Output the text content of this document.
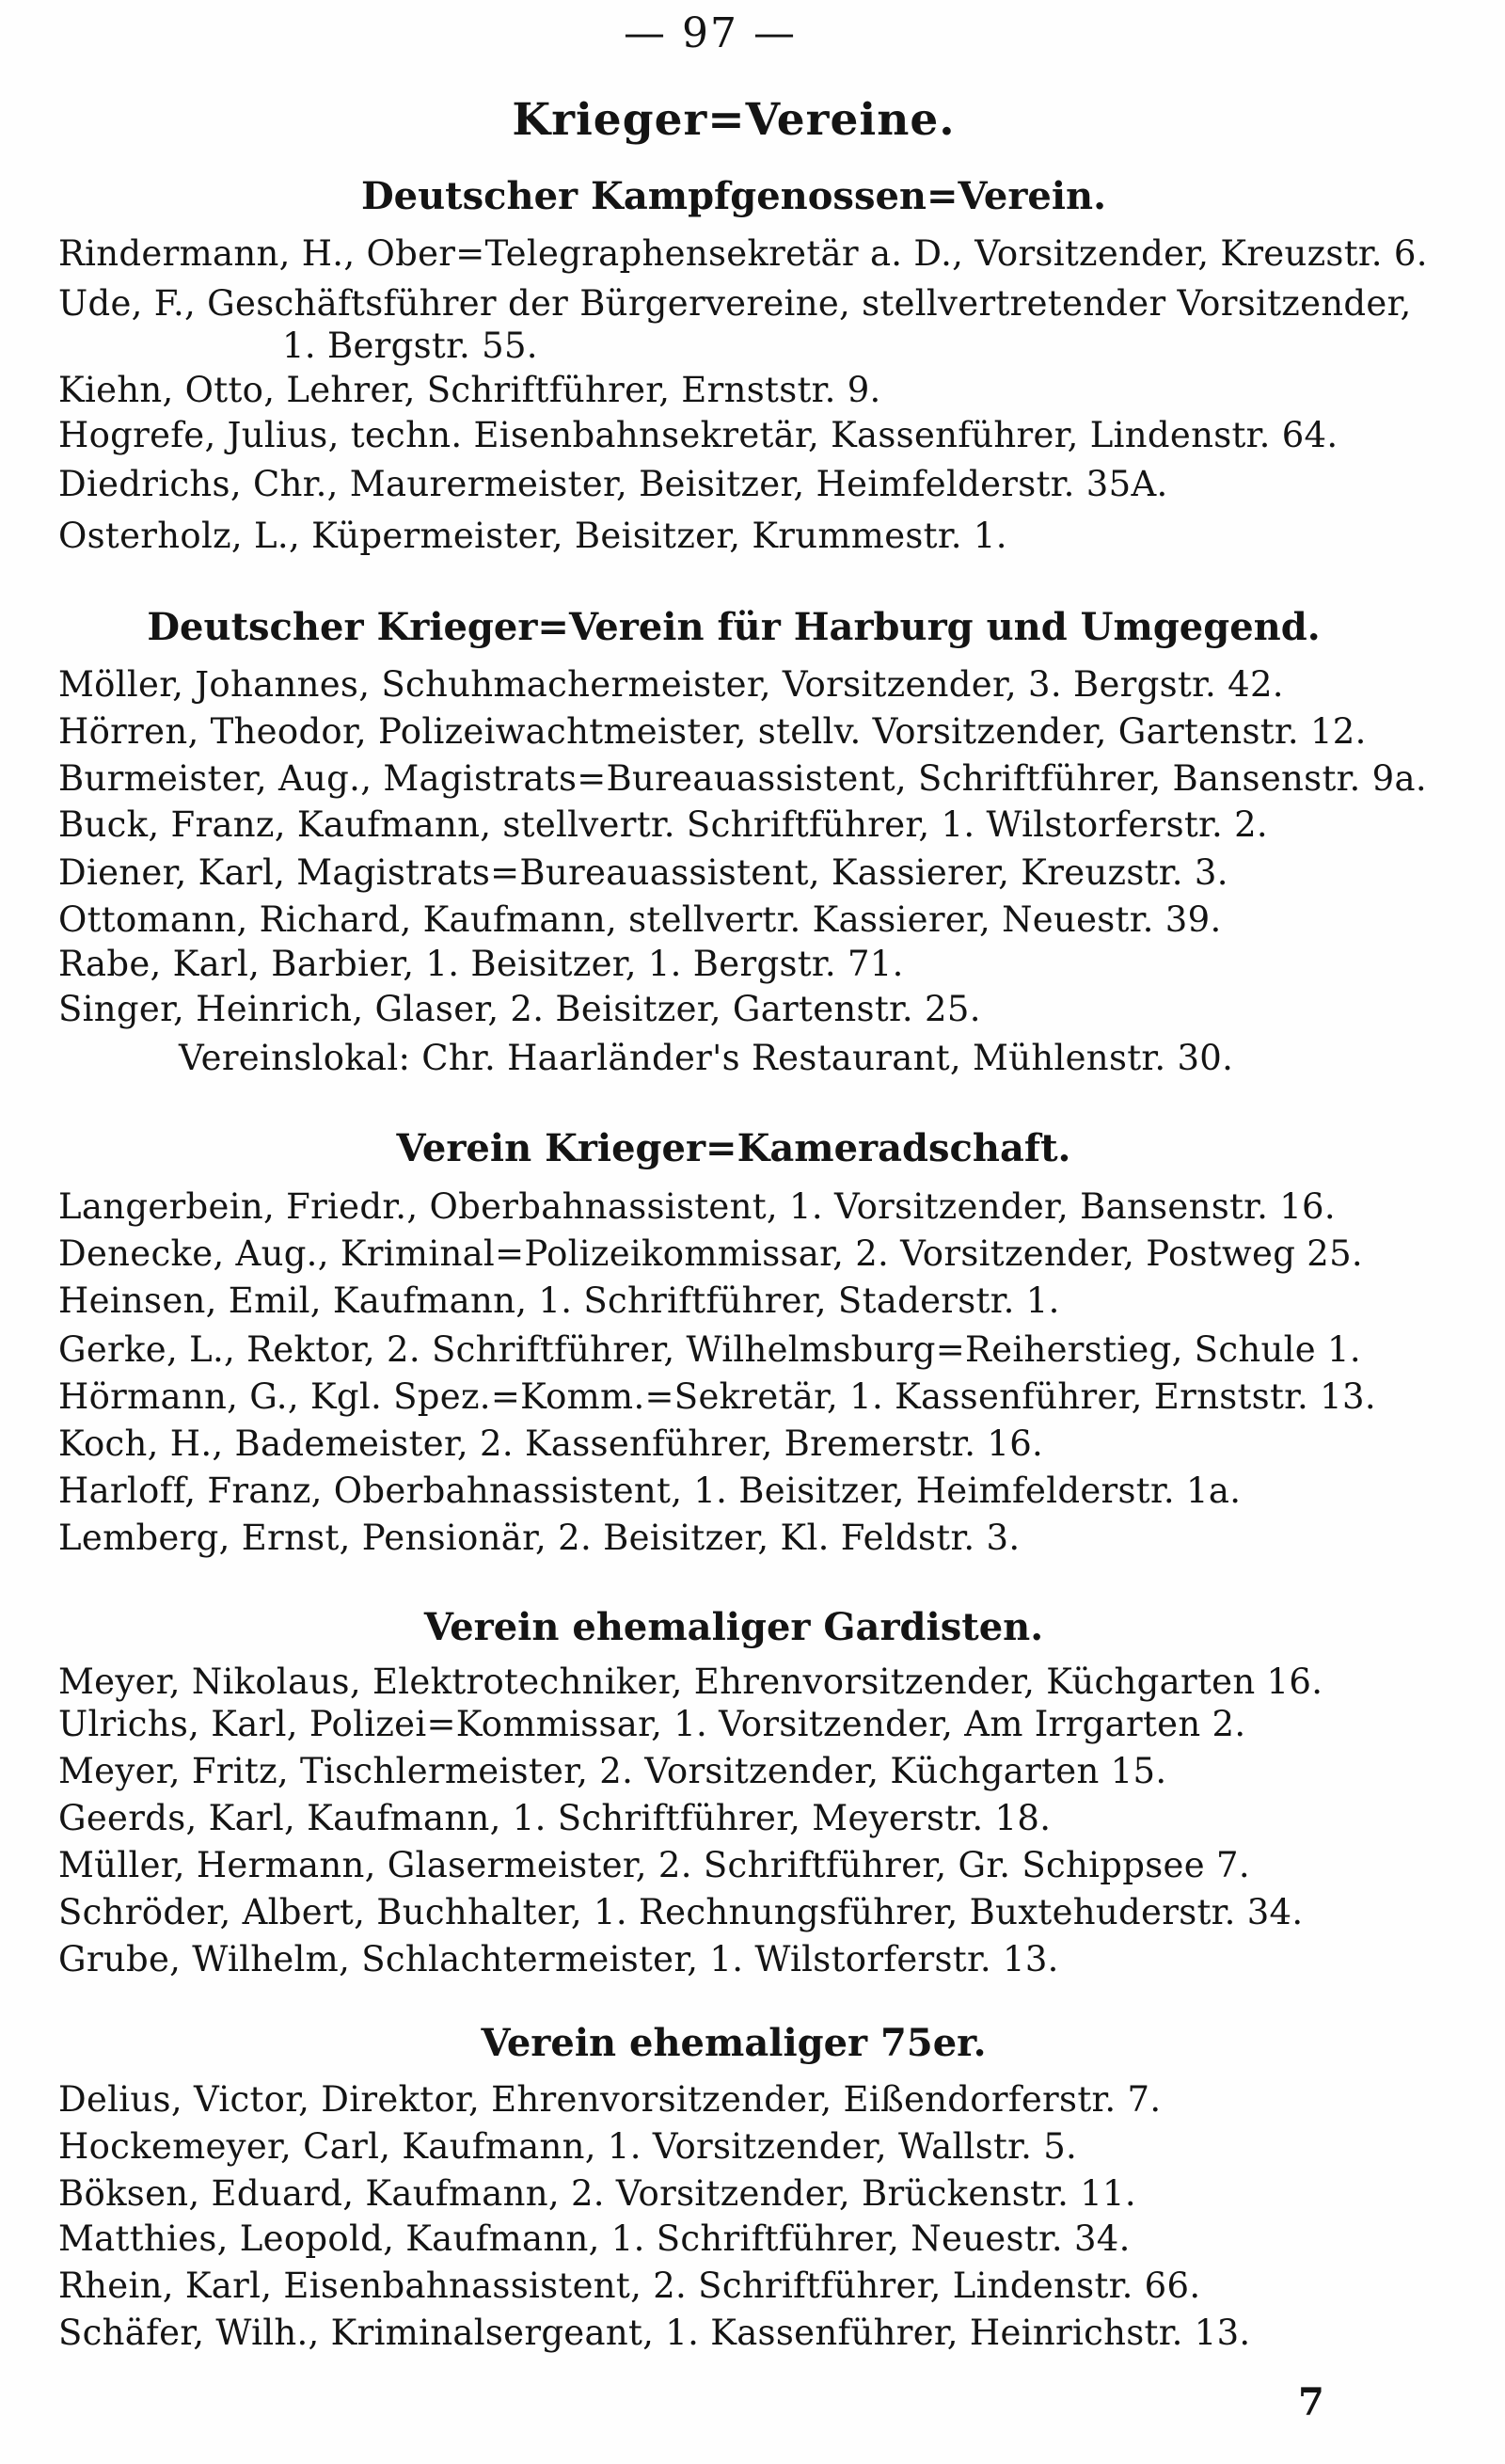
— 97 —
Krieger=Vereine.
Deutscher Kampfgenossen=Verein.
Rindermann, H., Ober=Telegraphensekretär a. D., Vorsitzender, Kreuzstr. 6.
Ude, F., Geschäftsführer der Bürgervereine, stellvertretender Vorsitzender,
1. Bergstr. 55.
Kiehn, Otto, Lehrer, Schriftführer, Ernststr. 9.
Hogrefe, Julius, techn. Eisenbahnsekretär, Kassenführer, Lindenstr. 64.
Diedrichs, Chr., Maurermeister, Beisitzer, Heimfelderstr. 35A.
Osterholz, L., Küpermeister, Beisitzer, Krummestr. 1.
Deutscher Krieger=Verein für Harburg und Umgegend.
Möller, Johannes, Schuhmachermeister, Vorsitzender, 3. Bergstr. 42.
Hörren, Theodor, Polizeiwachtmeister, stellv. Vorsitzender, Gartenstr. 12.
Burmeister, Aug., Magistrats=Bureauassistent, Schriftführer, Bansenstr. 9a.
Buck, Franz, Kaufmann, stellvertr. Schriftführer, 1. Wilstorferstr. 2.
Diener, Karl, Magistrats=Bureauassistent, Kassierer, Kreuzstr. 3.
Ottomann, Richard, Kaufmann, stellvertr. Kassierer, Neuestr. 39.
Rabe, Karl, Barbier, 1. Beisitzer, 1. Bergstr. 71.
Singer, Heinrich, Glaser, 2. Beisitzer, Gartenstr. 25.
Vereinslokal: Chr. Haarländer's Restaurant, Mühlenstr. 30.
Verein Krieger=Kameradschaft.
Langerbein, Friedr., Oberbahnassistent, 1. Vorsitzender, Bansenstr. 16.
Denecke, Aug., Kriminal=Polizeikommissar, 2. Vorsitzender, Postweg 25.
Heinsen, Emil, Kaufmann, 1. Schriftführer, Staderstr. 1.
Gerke, L., Rektor, 2. Schriftführer, Wilhelmsburg=Reiherstieg, Schule 1.
Hörmann, G., Kgl. Spez.=Komm.=Sekretär, 1. Kassenführer, Ernststr. 13.
Koch, H., Bademeister, 2. Kassenführer, Bremerstr. 16.
Harloff, Franz, Oberbahnassistent, 1. Beisitzer, Heimfelderstr. 1a.
Lemberg, Ernst, Pensionär, 2. Beisitzer, Kl. Feldstr. 3.
Verein ehemaliger Gardisten.
Meyer, Nikolaus, Elektrotechniker, Ehrenvorsitzender, Küchgarten 16.
Ulrichs, Karl, Polizei=Kommissar, 1. Vorsitzender, Am Irrgarten 2.
Meyer, Fritz, Tischlermeister, 2. Vorsitzender, Küchgarten 15.
Geerds, Karl, Kaufmann, 1. Schriftführer, Meyerstr. 18.
Müller, Hermann, Glasermeister, 2. Schriftführer, Gr. Schippsee 7.
Schröder, Albert, Buchhalter, 1. Rechnungsführer, Buxtehuderstr. 34.
Grube, Wilhelm, Schlachtermeister, 1. Wilstorferstr. 13.
Verein ehemaliger 75er.
Delius, Victor, Direktor, Ehrenvorsitzender, Eißendorferstr. 7.
Hockemeyer, Carl, Kaufmann, 1. Vorsitzender, Wallstr. 5.
Böksen, Eduard, Kaufmann, 2. Vorsitzender, Brückenstr. 11.
Matthies, Leopold, Kaufmann, 1. Schriftführer, Neuestr. 34.
Rhein, Karl, Eisenbahnassistent, 2. Schriftführer, Lindenstr. 66.
Schäfer, Wilh., Kriminalsergeant, 1. Kassenführer, Heinrichstr. 13.
7
